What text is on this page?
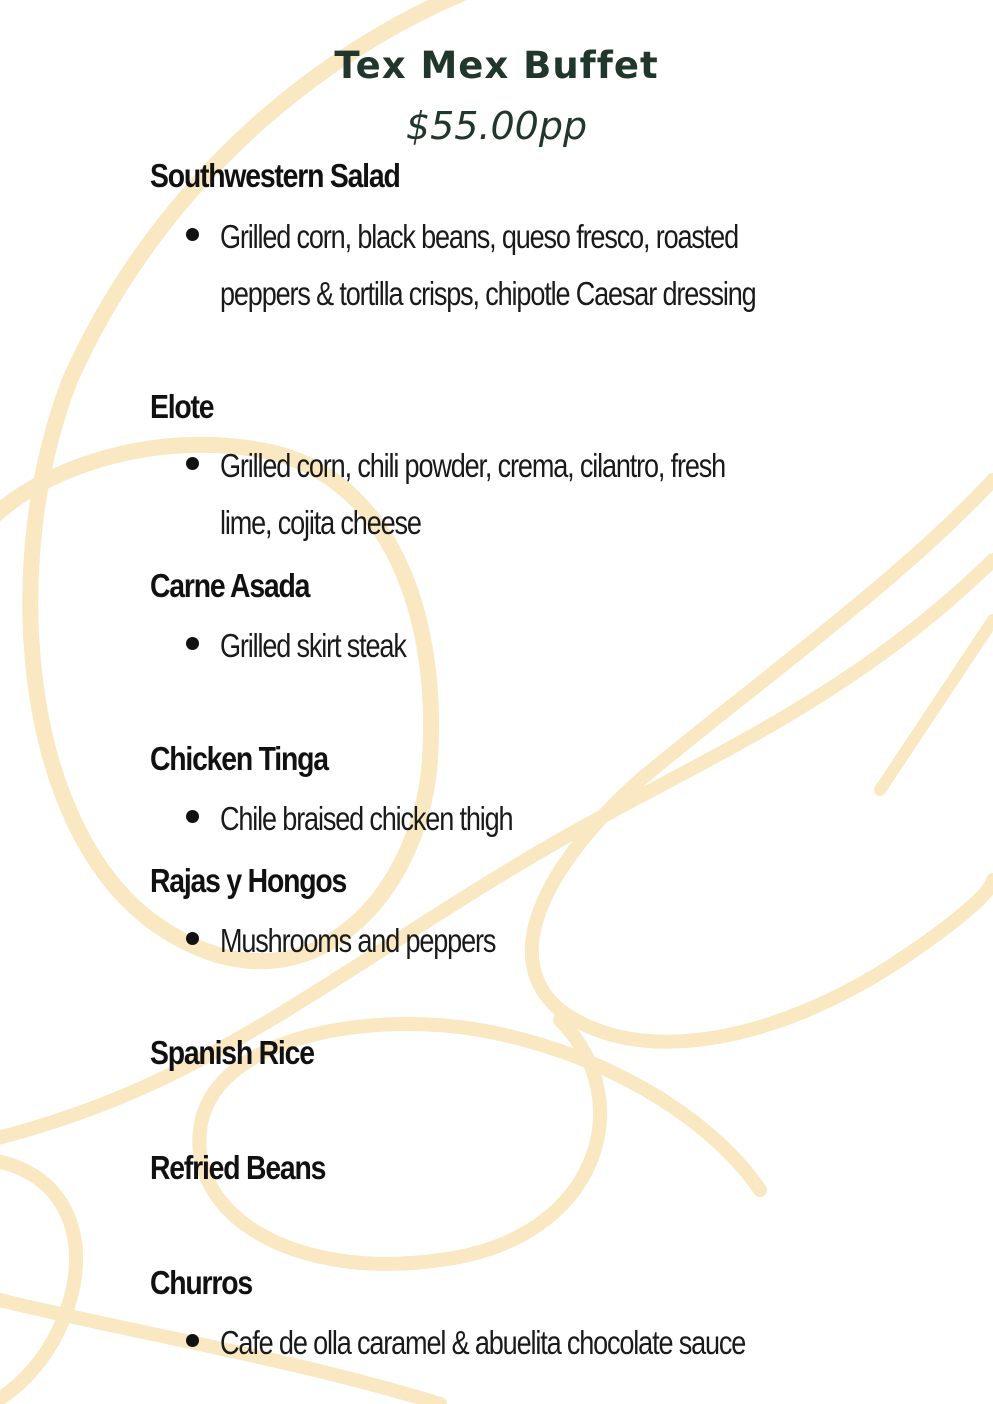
Tex Mex Buffet
$55.00pp
Southwestern Salad
Grilled corn, black beans, queso fresco, roasted
peppers & tortilla crisps, chipotle Caesar dressing
Elote
Grilled corn, chili powder, crema, cilantro, fresh
lime, cojita cheese
Carne Asada
Grilled skirt steak
Chicken Tinga
Chile braised chicken thigh
Rajas y Hongos
Mushrooms and peppers
Spanish Rice
Refried Beans
Churros
Cafe de olla caramel & abuelita chocolate sauce
